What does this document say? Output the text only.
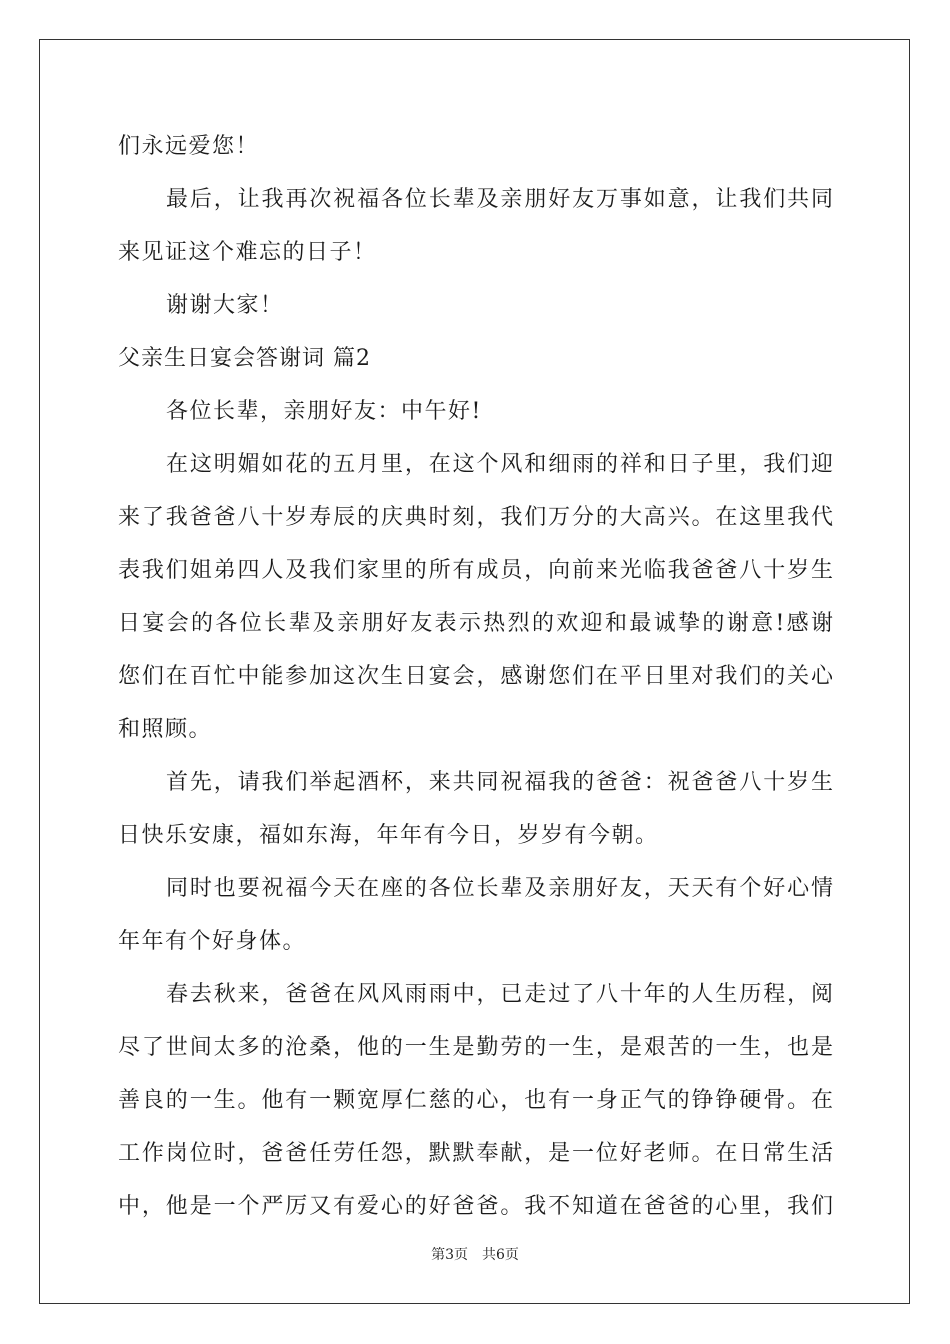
们永远爱您！
最后，让我再次祝福各位长辈及亲朋好友万事如意，让我们共同
来见证这个难忘的日子！
谢谢大家！
父亲生日宴会答谢词 篇2
各位长辈，亲朋好友：中午好!
在这明媚如花的五月里，在这个风和细雨的祥和日子里，我们迎
来了我爸爸八十岁寿辰的庆典时刻，我们万分的大高兴。在这里我代
表我们姐弟四人及我们家里的所有成员，向前来光临我爸爸八十岁生
日宴会的各位长辈及亲朋好友表示热烈的欢迎和最诚挚的谢意!感谢
您们在百忙中能参加这次生日宴会，感谢您们在平日里对我们的关心
和照顾。
首先，请我们举起酒杯，来共同祝福我的爸爸：祝爸爸八十岁生
日快乐安康，福如东海，年年有今日，岁岁有今朝。
同时也要祝福今天在座的各位长辈及亲朋好友，天天有个好心情
年年有个好身体。
春去秋来，爸爸在风风雨雨中，已走过了八十年的人生历程，阅
尽了世间太多的沧桑，他的一生是勤劳的一生，是艰苦的一生，也是
善良的一生。他有一颗宽厚仁慈的心，也有一身正气的铮铮硬骨。在
工作岗位时，爸爸任劳任怨，默默奉献，是一位好老师。在日常生活
中，他是一个严厉又有爱心的好爸爸。我不知道在爸爸的心里，我们
第3页 共6页
